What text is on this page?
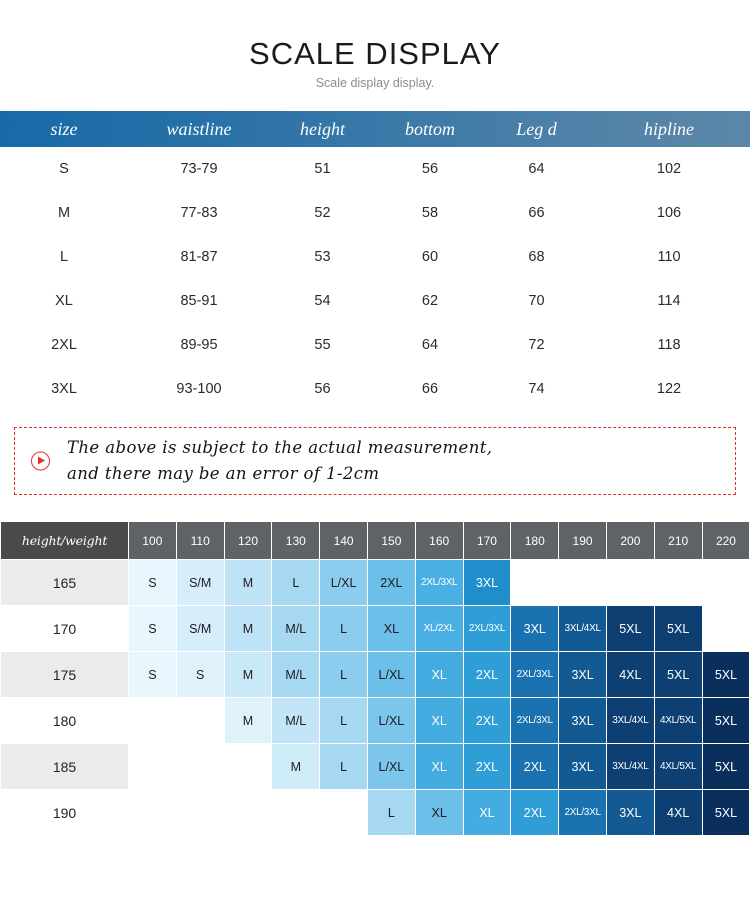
SCALE DISPLAY
Scale display display.
size	waistline	height	bottom	Leg d	hipline
S	73-79	51	56	64	102
M	77-83	52	58	66	106
L	81-87	53	60	68	110
XL	85-91	54	62	70	114
2XL	89-95	55	64	72	118
3XL	93-100	56	66	74	122
The above is subject to the actual measurement,
and there may be an error of 1-2cm
height/weight	100	110	120	130	140	150	160	170	180	190	200	210	220
165	S	S/M	M	L	L/XL	2XL	2XL/3XL	3XL					
170	S	S/M	M	M/L	L	XL	XL/2XL	2XL/3XL	3XL	3XL/4XL	5XL	5XL	
175	S	S	M	M/L	L	L/XL	XL	2XL	2XL/3XL	3XL	4XL	5XL	5XL
180			M	M/L	L	L/XL	XL	2XL	2XL/3XL	3XL	3XL/4XL	4XL/5XL	5XL
185				M	L	L/XL	XL	2XL	2XL	3XL	3XL/4XL	4XL/5XL	5XL
190						L	XL	XL	2XL	2XL/3XL	3XL	4XL	5XL
